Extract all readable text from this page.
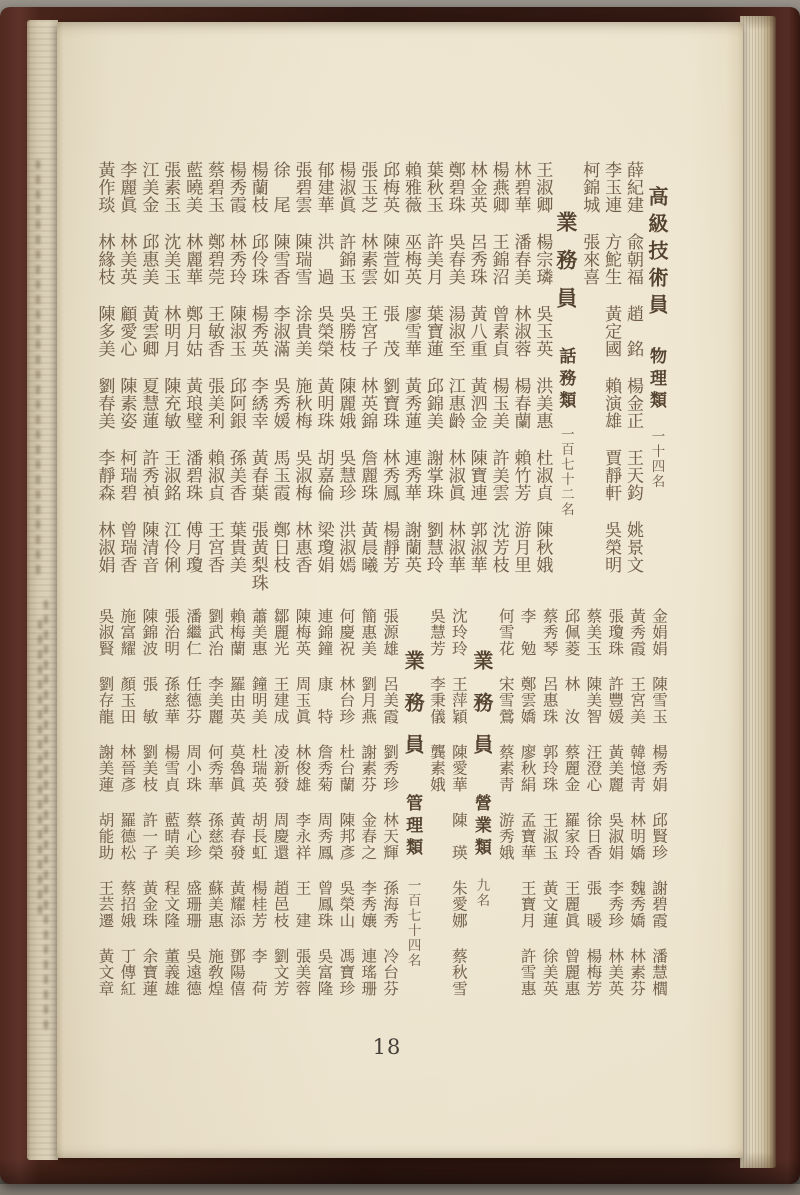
高級技術員
物理類
一十四名
薛紀建
兪朝福
趙　銘
楊金正
王天鈞
姚景文
李玉連
方鮀生
黃定國
賴演雄
賈靜軒
吳榮明
柯錦城
張來喜
業務員
話務類
一百七十二名
王淑卿
楊宗璘
吳玉英
洪美惠
杜淑貞
陳秋娥
林碧華
潘春美
林淑蓉
楊春蘭
賴竹芳
游月里
楊燕卿
王錦沼
曾素貞
楊玉美
許美雲
沈芳枝
林金英
呂秀珠
黃八重
黃泗金
陳寶連
郭淑華
鄭碧珠
吳春美
湯淑至
江惠齡
林淑眞
林淑華
葉秋玉
許美月
葉寶蓮
邱錦美
謝掌珠
劉慧玲
賴雅薇
巫梅英
廖雪華
黃秀蓮
連秀華
謝蘭英
邱梅英
陳萱如
張　茂
劉寶珠
林秀鳳
楊靜芳
張玉芝
林素雲
王宮子
林英錦
詹麗珠
黃晨曦
楊淑眞
許錦玉
吳勝枝
陳麗娥
吳慧珍
洪淑嫣
郁建華
洪　過
吳榮榮
黃明珠
胡嘉倫
梁瓊娟
張碧雲
陳瑞雪
涂貴美
施秋梅
吳淑梅
林惠香
徐　尾
陳雪香
李淑滿
吳秀媛
馬玉霞
鄭日枝
楊蘭枝
邱伶珠
楊秀英
李綉幸
黃春葉
張黃梨珠
楊秀霞
林秀玲
陳淑玉
邱阿銀
孫美香
葉貴美
蔡碧玉
鄭碧莞
王敏香
張美利
賴淑貞
王宮香
藍曉美
林麗華
鄭月姑
黃琅璧
潘碧珠
傅月瓊
張素玉
沈美玉
林明月
陳充敏
王淑銘
江伶俐
江美金
邱惠美
黃雲卿
夏慧蓮
許秀禎
陳清音
李麗眞
林美英
顧愛心
陳素姿
柯瑞碧
曾瑞香
黃作琰
林緣枝
陳多美
劉春美
李靜森
林淑娟
金娟娟
陳雪玉
楊秀娟
邱賢珍
謝碧霞
潘慧櫚
黃秀霞
王宮美
韓憶靑
林明嬌
魏秀嬌
林素芬
張瓊珠
許豐媛
黃美麗
吳淑娟
李秀珍
林美英
蔡美玉
陳美智
汪澄心
徐日香
張　暖
楊梅芳
邱佩菱
林　汝
蔡麗金
羅家玲
王麗眞
曾麗惠
蔡秀琴
呂惠珠
郭玲珠
王淑玉
黃文蓮
徐美英
李　勉
鄭雲嬌
廖秋絹
孟寶華
王寶月
許雪惠
何雪花
宋雪鶯
蔡素靑
游秀娥
業務員
營業類
九名
沈玲玲
王萍穎
陳愛華
陳　瑛
朱愛娜
蔡秋雪
吳慧芳
李秉儀
龔素娥
業務員
管理類
一百七十四名
張源雄
呂美霞
劉秀珍
林天輝
孫海秀
冷台芬
簡惠美
劉月燕
謝素芬
金春之
李秀孃
連瑤珊
何慶祝
林台珍
杜台蘭
陳邦彥
吳榮山
馮寶珍
連錦鐘
康　特
詹秀菊
周秀鳳
曾鳳珠
吳富隆
陳梅英
周玉眞
林俊雄
李永祥
王　建
張美蓉
鄒麗光
王建成
凌新發
周慶還
趙邑枝
劉文芳
蕭美惠
鐘明美
杜瑞英
胡長虹
楊桂芳
李　荷
賴梅蘭
羅由英
莫魯眞
黃春發
黃耀添
鄧陽僖
劉武治
李美麗
何秀華
孫慈榮
蘇美惠
施敎煌
潘繼仁
任德芬
周小珠
蔡心珍
盛珊珊
吳遠德
張治明
孫慈華
楊雪貞
藍晴美
程文隆
董義雄
陳錦波
張　敏
劉美枝
許一子
黃金珠
余寶蓮
施富耀
顏玉田
林晉彥
羅德松
蔡招娥
丁傳紅
吳淑賢
劉存龍
謝美蓮
胡能助
王芸遷
黃文章
18
